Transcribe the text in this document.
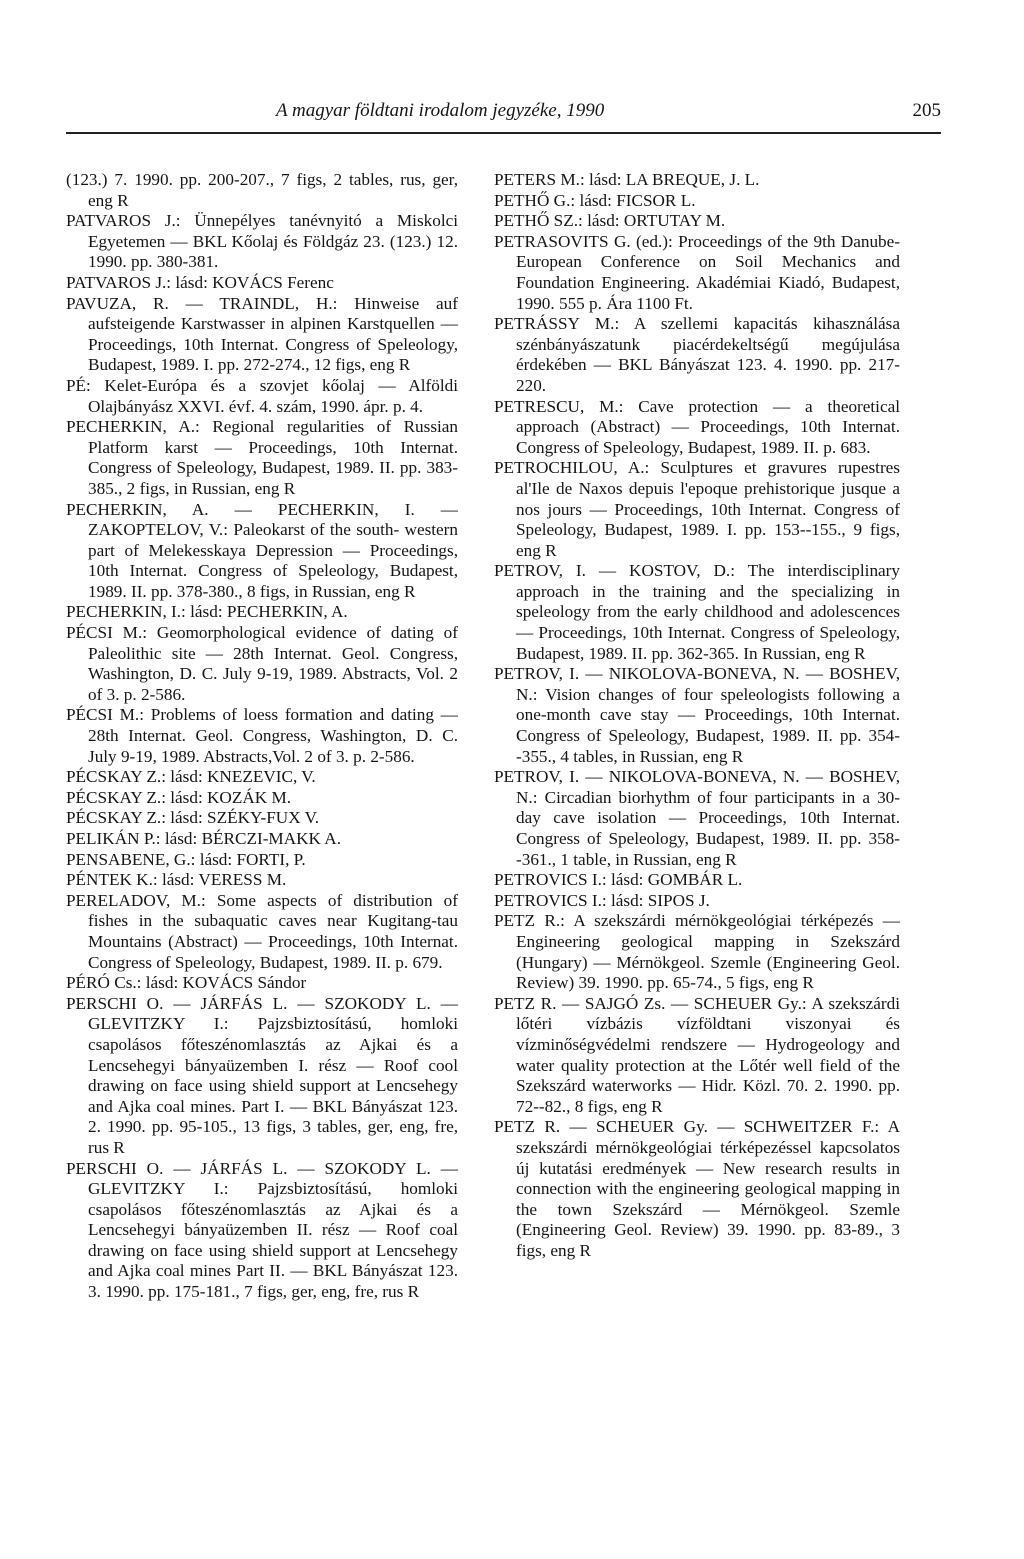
A magyar földtani irodalom jegyzéke, 1990	205

(123.) 7. 1990. pp. 200-207., 7 figs, 2 tables, rus, ger, eng R

PATVAROS J.: Ünnepélyes tanévnyitó a Miskolci Egyetemen — BKL Kőolaj és Földgáz 23. (123.) 12. 1990. pp. 380-381.

PATVAROS J.: lásd: KOVÁCS Ferenc

PAVUZA, R. — TRAINDL, H.: Hinweise auf aufsteigende Karstwasser in alpinen Karstquellen — Proceedings, 10th Internat. Congress of Speleology, Budapest, 1989. I. pp. 272-274., 12 figs, eng R

PÉ: Kelet-Európa és a szovjet kőolaj — Alföldi Olajbányász XXVI. évf. 4. szám, 1990. ápr. p. 4.

PECHERKIN, A.: Regional regularities of Russian Platform karst — Proceedings, 10th Internat. Congress of Speleology, Budapest, 1989. II. pp. 383-385., 2 figs, in Russian, eng R

PECHERKIN, A. — PECHERKIN, I. — ZAKOPTELOV, V.: Paleokarst of the south- western part of Melekesskaya Depression — Proceedings, 10th Internat. Congress of Speleology, Budapest, 1989. II. pp. 378-380., 8 figs, in Russian, eng R

PECHERKIN, I.: lásd: PECHERKIN, A.

PÉCSI M.: Geomorphological evidence of dating of Paleolithic site — 28th Internat. Geol. Congress, Washington, D. C. July 9-19, 1989. Abstracts, Vol. 2 of 3. p. 2-586.

PÉCSI M.: Problems of loess formation and dating — 28th Internat. Geol. Congress, Washington, D. C. July 9-19, 1989. Abstracts,Vol. 2 of 3. p. 2-586.

PÉCSKAY Z.: lásd: KNEZEVIC, V.

PÉCSKAY Z.: lásd: KOZÁK M.

PÉCSKAY Z.: lásd: SZÉKY-FUX V.

PELIKÁN P.: lásd: BÉRCZI-MAKK A.

PENSABENE, G.: lásd: FORTI, P.

PÉNTEK K.: lásd: VERESS M.

PERELADOV, M.: Some aspects of distribution of fishes in the subaquatic caves near Kugitang-tau Mountains (Abstract) — Proceedings, 10th Internat. Congress of Speleology, Budapest, 1989. II. p. 679.

PÉRÓ Cs.: lásd: KOVÁCS Sándor

PERSCHI O. — JÁRFÁS L. — SZOKODY L. — GLEVITZKY I.: Pajzsbiztosítású, homloki csapolásos főteszénomlasztás az Ajkai és a Lencsehegyi bányaüzemben I. rész — Roof cool drawing on face using shield support at Lencsehegy and Ajka coal mines. Part I. — BKL Bányászat 123. 2. 1990. pp. 95-105., 13 figs, 3 tables, ger, eng, fre, rus R

PERSCHI O. — JÁRFÁS L. — SZOKODY L. — GLEVITZKY I.: Pajzsbiztosítású, homloki csapolásos főteszénomlasztás az Ajkai és a Lencsehegyi bányaüzemben II. rész — Roof coal drawing on face using shield support at Lencsehegy and Ajka coal mines Part II. — BKL Bányászat 123. 3. 1990. pp. 175-181., 7 figs, ger, eng, fre, rus R

PETERS M.: lásd: LA BREQUE, J. L.

PETHŐ G.: lásd: FICSOR L.

PETHŐ SZ.: lásd: ORTUTAY M.

PETRASOVITS G. (ed.): Proceedings of the 9th Danube-European Conference on Soil Mechanics and Foundation Engineering. Akadémiai Kiadó, Budapest, 1990. 555 p. Ára 1100 Ft.

PETRÁSSY M.: A szellemi kapacitás kihasználása szénbányászatunk piacérdekeltségű megújulása érdekében — BKL Bányászat 123. 4. 1990. pp. 217-220.

PETRESCU, M.: Cave protection — a theoretical approach (Abstract) — Proceedings, 10th Internat. Congress of Speleology, Budapest, 1989. II. p. 683.

PETROCHILOU, A.: Sculptures et gravures rupestres al'Ile de Naxos depuis l'epoque prehistorique jusque a nos jours — Proceedings, 10th Internat. Congress of Speleology, Budapest, 1989. I. pp. 153--155., 9 figs, eng R

PETROV, I. — KOSTOV, D.: The interdisciplinary approach in the training and the specializing in speleology from the early childhood and adolescences — Proceedings, 10th Internat. Congress of Speleology, Budapest, 1989. II. pp. 362-365. In Russian, eng R

PETROV, I. — NIKOLOVA-BONEVA, N. — BOSHEV, N.: Vision changes of four speleologists following a one-month cave stay — Proceedings, 10th Internat. Congress of Speleology, Budapest, 1989. II. pp. 354--355., 4 tables, in Russian, eng R

PETROV, I. — NIKOLOVA-BONEVA, N. — BOSHEV, N.: Circadian biorhythm of four participants in a 30-day cave isolation — Proceedings, 10th Internat. Congress of Speleology, Budapest, 1989. II. pp. 358--361., 1 table, in Russian, eng R

PETROVICS I.: lásd: GOMBÁR L.

PETROVICS I.: lásd: SIPOS J.

PETZ R.: A szekszárdi mérnökgeológiai térképezés — Engineering geological mapping in Szekszárd (Hungary) — Mérnökgeol. Szemle (Engineering Geol. Review) 39. 1990. pp. 65-74., 5 figs, eng R

PETZ R. — SAJGÓ Zs. — SCHEUER Gy.: A szekszárdi lőtéri vízbázis vízföldtani viszonyai és vízminőségvédelmi rendszere — Hydrogeology and water quality protection at the Lőtér well field of the Szekszárd waterworks — Hidr. Közl. 70. 2. 1990. pp. 72--82., 8 figs, eng R

PETZ R. — SCHEUER Gy. — SCHWEITZER F.: A szekszárdi mérnökgeológiai térképezéssel kapcsolatos új kutatási eredmények — New research results in connection with the engineering geological mapping in the town Szekszárd — Mérnökgeol. Szemle (Engineering Geol. Review) 39. 1990. pp. 83-89., 3 figs, eng R
